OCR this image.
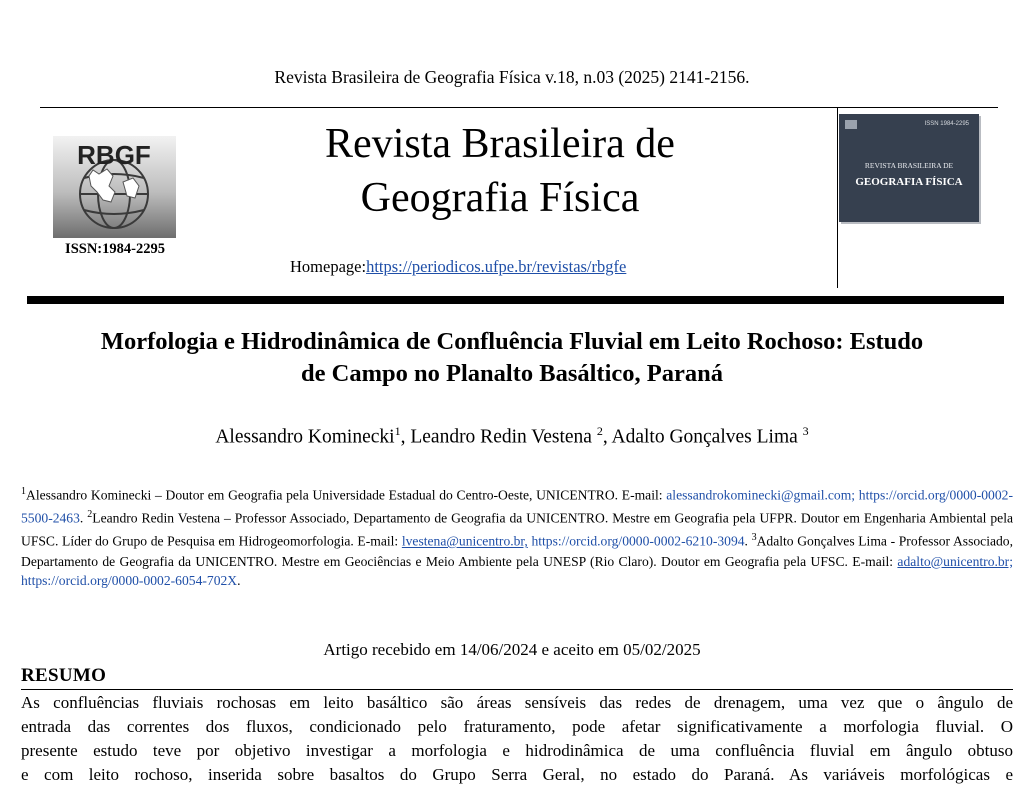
Revista Brasileira de Geografia Física v.18, n.03 (2025) 2141-2156.
RBGF
ISSN:1984-2295
Revista Brasileira de
Geografia Física
Homepage:https://periodicos.ufpe.br/revistas/rbgfe
ISSN 1984-2295
REVISTA BRASILEIRA DE
GEOGRAFIA FÍSICA
Morfologia e Hidrodinâmica de Confluência Fluvial em Leito Rochoso: Estudo
de Campo no Planalto Basáltico, Paraná
Alessandro Kominecki$^1$, Leandro Redin Vestena $^2$, Adalto Gonçalves Lima $^3$
$^1$Alessandro Kominecki – Doutor em Geografia pela Universidade Estadual do Centro-Oeste, UNICENTRO. E-mail: alessandrokominecki@gmail.com; https://orcid.org/0000-0002-5500-2463. $^2$Leandro Redin Vestena – Professor Associado, Departamento de Geografia da UNICENTRO. Mestre em Geografia pela UFPR. Doutor em Engenharia Ambiental pela UFSC. Líder do Grupo de Pesquisa em Hidrogeomorfologia. E-mail: lvestena@unicentro.br, https://orcid.org/0000-0002-6210-3094. $^3$Adalto Gonçalves Lima - Professor Associado, Departamento de Geografia da UNICENTRO. Mestre em Geociências e Meio Ambiente pela UNESP (Rio Claro). Doutor em Geografia pela UFSC. E-mail: adalto@unicentro.br; https://orcid.org/0000-0002-6054-702X.
Artigo recebido em 14/06/2024 e aceito em 05/02/2025
RESUMO
As confluências fluviais rochosas em leito basáltico são áreas sensíveis das redes de drenagem, uma vez que o ângulo de
entrada das correntes dos fluxos, condicionado pelo fraturamento, pode afetar significativamente a morfologia fluvial. O
presente estudo teve por objetivo investigar a morfologia e hidrodinâmica de uma confluência fluvial em ângulo obtuso
e com leito rochoso, inserida sobre basaltos do Grupo Serra Geral, no estado do Paraná. As variáveis morfológicas e
